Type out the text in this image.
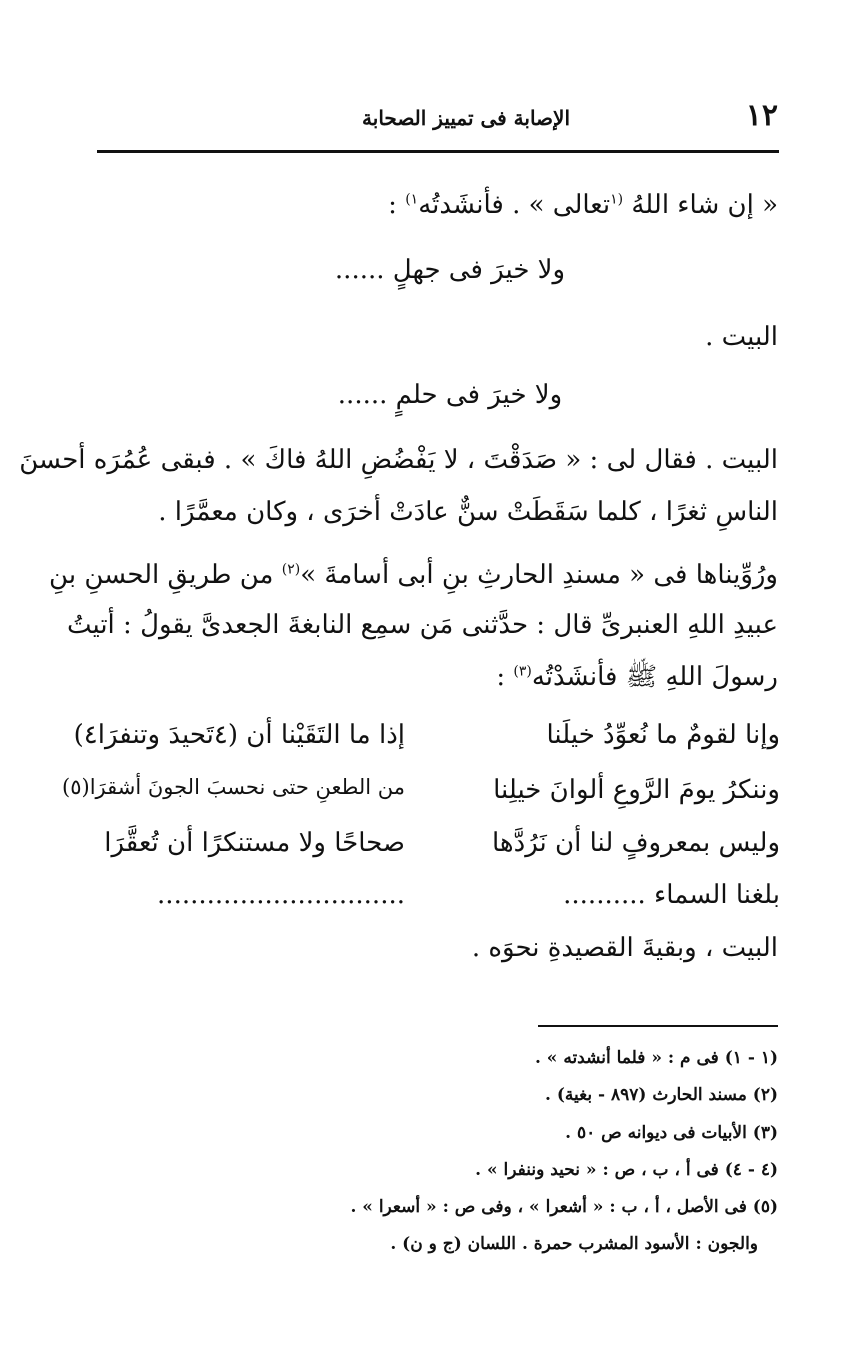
١٢
الإصابة فى تمييز الصحابة
« إن شاء اللهُ $^{(١}$تعالى » . فأنشَدتُه$^{١)}$ :
ولا خيرَ فى جهلٍ ......
البيت .
ولا خيرَ فى حلمٍ ......
البيت . فقال لى : « صَدَقْتَ ، لا يَفْضُضِ اللهُ فاكَ » . فبقى عُمُرَه أحسنَ
الناسِ ثغرًا ، كلما سَقَطَتْ سنٌّ عادَتْ أخرَى ، وكان معمَّرًا .
ورُوِّيناها فى « مسندِ الحارثِ بنِ أبى أسامةَ »$^{(٢)}$ من طريقِ الحسنِ بنِ
عبيدِ اللهِ العنبرىِّ قال : حدَّثنى مَن سمِع النابغةَ الجعدىَّ يقولُ : أتيتُ
رسولَ اللهِ ﷺ فأنشَدْتُه$^{(٣)}$ :
وإنا لقومٌ ما نُعوِّدُ خيلَنا
إذا ما التَقَيْنا أن (٤تَحيدَ وتنفرَا٤)
وننكرُ يومَ الرَّوعِ ألوانَ خيلِنا
من الطعنِ حتى نحسبَ الجونَ أشقرَا(٥)
وليس بمعروفٍ لنا أن نَرُدَّها
صحاحًا ولا مستنكرًا أن تُعقَّرَا
بلغنا السماء ..........
..............................
البيت ، وبقيةَ القصيدةِ نحوَه .
(١ - ١) فى م : « فلما أنشدته » .
(٢) مسند الحارث (٨٩٧ - بغية) .
(٣) الأبيات فى ديوانه ص ٥٠ .
(٤ - ٤) فى أ ، ب ، ص : « نحيد وننفرا » .
(٥) فى الأصل ، أ ، ب : « أشعرا » ، وفى ص : « أسعرا » .
والجون : الأسود المشرب حمرة . اللسان (ج و ن) .
